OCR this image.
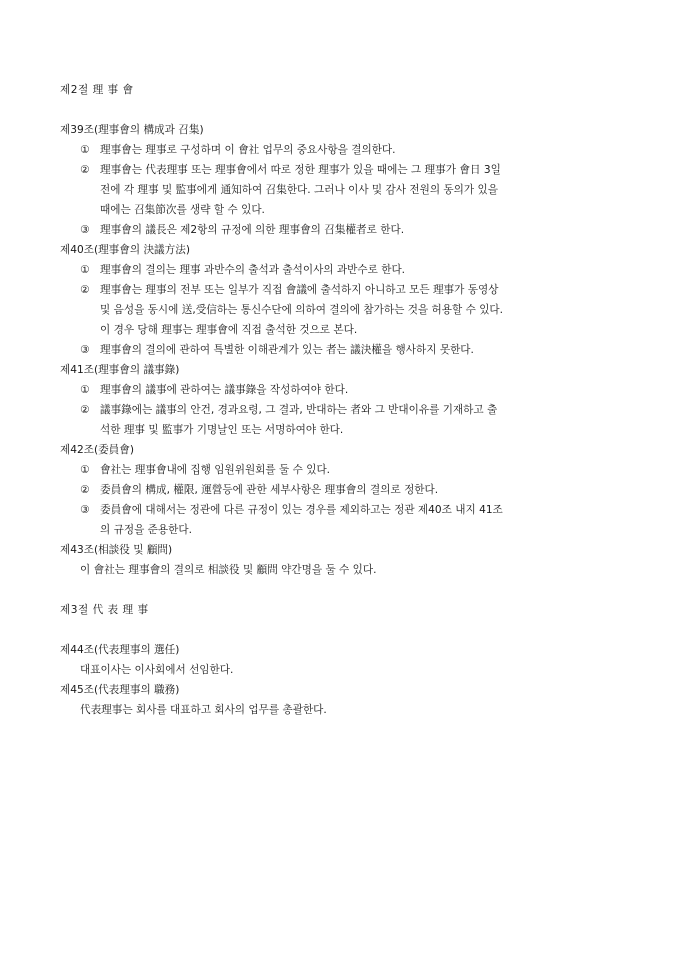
제2절 理 事 會
제39조(理事會의 構成과 召集)
① 理事會는 理事로 구성하며 이 會社 업무의 중요사항을 결의한다.
② 理事會는 代表理事 또는 理事會에서 따로 정한 理事가 있을 때에는 그 理事가 會日 3일
전에 각 理事 및 監事에게 通知하여 召集한다. 그러나 이사 및 감사 전원의 동의가 있을
때에는 召集節次를 생략 할 수 있다.
③ 理事會의 議長은 제2항의 규정에 의한 理事會의 召集權者로 한다.
제40조(理事會의 決議方法)
① 理事會의 결의는 理事 과반수의 출석과 출석이사의 과반수로 한다.
② 理事會는 理事의 전부 또는 일부가 직접 會議에 출석하지 아니하고 모든 理事가 동영상
및 음성을 동시에 送,受信하는 통신수단에 의하여 결의에 참가하는 것을 허용할 수 있다.
이 경우 당해 理事는 理事會에 직접 출석한 것으로 본다.
③ 理事會의 결의에 관하여 특별한 이해관계가 있는 者는 議決權을 행사하지 못한다.
제41조(理事會의 議事錄)
① 理事會의 議事에 관하여는 議事錄을 작성하여야 한다.
② 議事錄에는 議事의 안건, 경과요령, 그 결과, 반대하는 者와 그 반대이유를 기재하고 출
석한 理事 및 監事가 기명날인 또는 서명하여야 한다.
제42조(委員會)
① 會社는 理事會내에 집행 임원위원회를 둘 수 있다.
② 委員會의 構成, 權限, 運營등에 관한 세부사항은 理事會의 결의로 정한다.
③ 委員會에 대해서는 정관에 다른 규정이 있는 경우를 제외하고는 정관 제40조 내지 41조
의 규정을 준용한다.
제43조(相談役 및 顧問)
이 會社는 理事會의 결의로 相談役 및 顧問 약간명을 둘 수 있다.
제3절 代 表 理 事
제44조(代表理事의 選任)
대표이사는 이사회에서 선임한다.
제45조(代表理事의 職務)
代表理事는 회사를 대표하고 회사의 업무를 총괄한다.
